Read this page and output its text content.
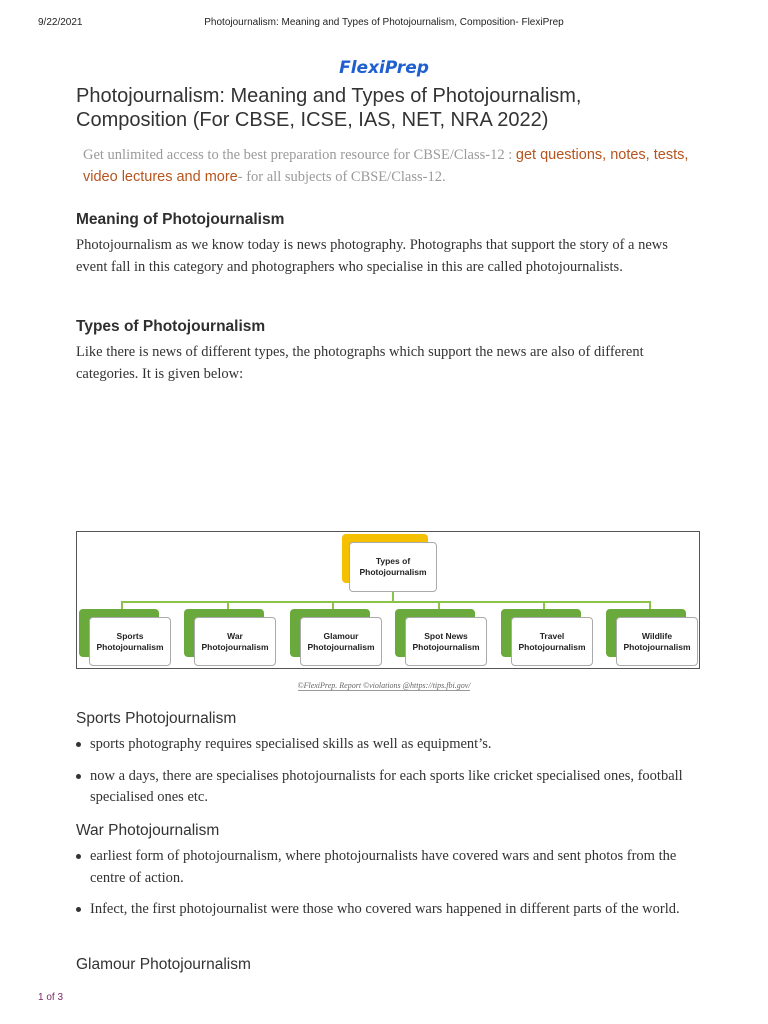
9/22/2021	Photojournalism: Meaning and Types of Photojournalism, Composition- FlexiPrep
FlexiPrep
Photojournalism: Meaning and Types of Photojournalism, Composition (For CBSE, ICSE, IAS, NET, NRA 2022)
Get unlimited access to the best preparation resource for CBSE/Class-12 : get questions, notes, tests, video lectures and more- for all subjects of CBSE/Class-12.
Meaning of Photojournalism

Photojournalism as we know today is news photography. Photographs that support the story of a news event fall in this category and photographers who specialise in this are called photojournalists.

Types of Photojournalism

Like there is news of different types, the photographs which support the news are also of different categories. It is given below:

Types of Photojournalism
Sports Photojournalism
War Photojournalism
Glamour Photojournalism
Spot News Photojournalism
Travel Photojournalism
Wildlife Photojournalism
©FlexiPrep. Report ©violations @https://tips.fbi.gov/
Sports Photojournalism
sports photography requires specialised skills as well as equipment’s.
now a days, there are specialises photojournalists for each sports like cricket specialised ones, football specialised ones etc.
War Photojournalism
earliest form of photojournalism, where photojournalists have covered wars and sent photos from the centre of action.
Infect, the first photojournalist were those who covered wars happened in different parts of the world.
Glamour Photojournalism
1 of 3
